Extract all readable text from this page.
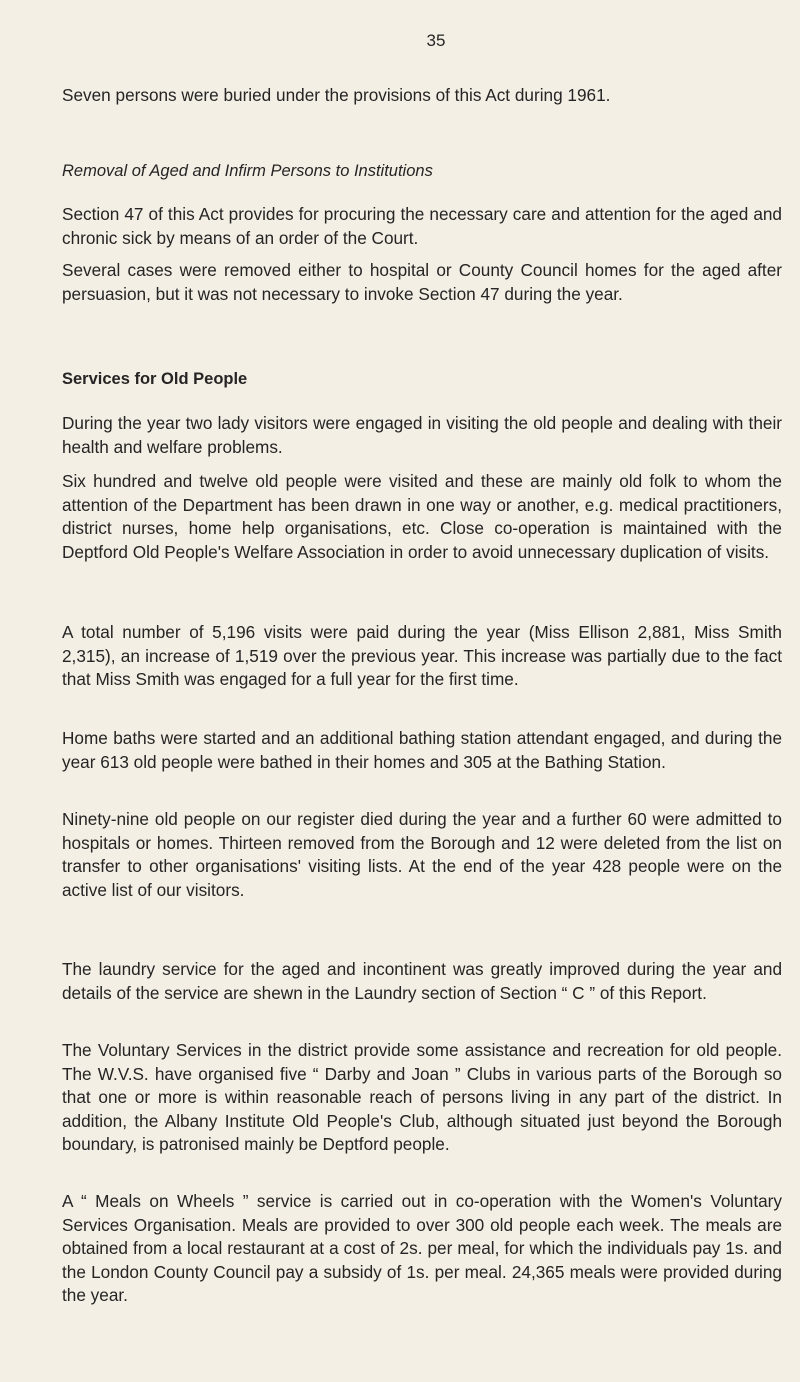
35

Seven persons were buried under the provisions of this Act during 1961.

Removal of Aged and Infirm Persons to Institutions

Section 47 of this Act provides for procuring the necessary care and attention for the aged and chronic sick by means of an order of the Court.

Several cases were removed either to hospital or County Council homes for the aged after persuasion, but it was not necessary to invoke Section 47 during the year.

Services for Old People

During the year two lady visitors were engaged in visiting the old people and dealing with their health and welfare problems.

Six hundred and twelve old people were visited and these are mainly old folk to whom the attention of the Department has been drawn in one way or another, e.g. medical practitioners, district nurses, home help organisations, etc. Close co-operation is maintained with the Deptford Old People's Welfare Association in order to avoid unnecessary duplication of visits.

A total number of 5,196 visits were paid during the year (Miss Ellison 2,881, Miss Smith 2,315), an increase of 1,519 over the previous year. This increase was partially due to the fact that Miss Smith was engaged for a full year for the first time.

Home baths were started and an additional bathing station attendant engaged, and during the year 613 old people were bathed in their homes and 305 at the Bathing Station.

Ninety-nine old people on our register died during the year and a further 60 were admitted to hospitals or homes. Thirteen removed from the Borough and 12 were deleted from the list on transfer to other organisations' visiting lists. At the end of the year 428 people were on the active list of our visitors.

The laundry service for the aged and incontinent was greatly improved during the year and details of the service are shewn in the Laundry section of Section “ C ” of this Report.

The Voluntary Services in the district provide some assistance and recreation for old people. The W.V.S. have organised five “ Darby and Joan ” Clubs in various parts of the Borough so that one or more is within reasonable reach of persons living in any part of the district. In addition, the Albany Institute Old People's Club, although situated just beyond the Borough boundary, is patronised mainly be Deptford people.

A “ Meals on Wheels ” service is carried out in co-operation with the Women's Voluntary Services Organisation. Meals are provided to over 300 old people each week. The meals are obtained from a local restaurant at a cost of 2s. per meal, for which the individuals pay 1s. and the London County Council pay a subsidy of 1s. per meal. 24,365 meals were provided during the year.
